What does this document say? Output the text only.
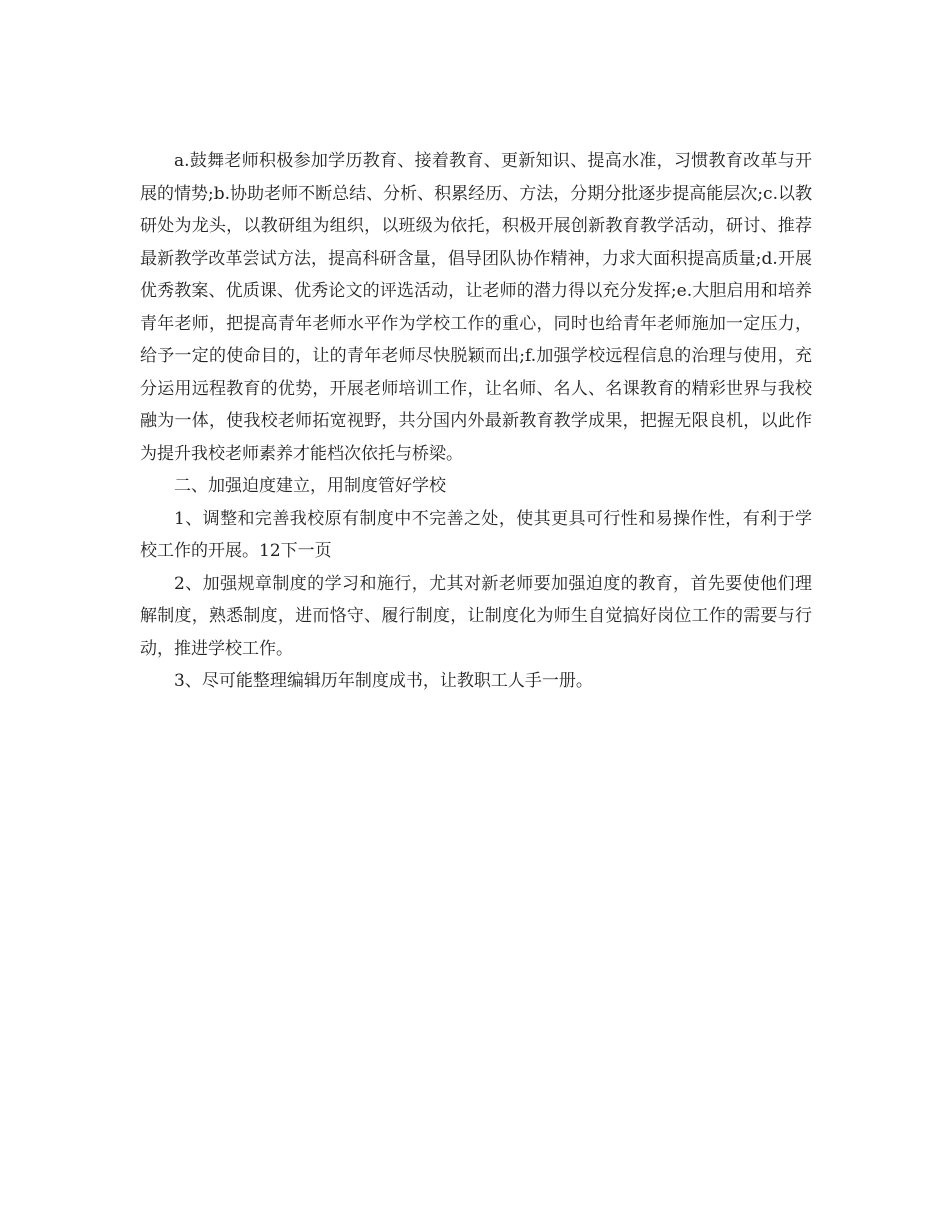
a.鼓舞老师积极参加学历教育、接着教育、更新知识、提高水准，习惯教育改革与开展的情势;b.协助老师不断总结、分析、积累经历、方法，分期分批逐步提高能层次;c.以教研处为龙头，以教研组为组织，以班级为依托，积极开展创新教育教学活动，研讨、推荐最新教学改革尝试方法，提高科研含量，倡导团队协作精神，力求大面积提高质量;d.开展优秀教案、优质课、优秀论文的评选活动，让老师的潜力得以充分发挥;e.大胆启用和培养青年老师，把提高青年老师水平作为学校工作的重心，同时也给青年老师施加一定压力，给予一定的使命目的，让的青年老师尽快脱颖而出;f.加强学校远程信息的治理与使用，充分运用远程教育的优势，开展老师培训工作，让名师、名人、名课教育的精彩世界与我校融为一体，使我校老师拓宽视野，共分国内外最新教育教学成果，把握无限良机，以此作为提升我校老师素养才能档次依托与桥梁。

二、加强迫度建立，用制度管好学校

1、调整和完善我校原有制度中不完善之处，使其更具可行性和易操作性，有利于学校工作的开展。12下一页

2、加强规章制度的学习和施行，尤其对新老师要加强迫度的教育，首先要使他们理解制度，熟悉制度，进而恪守、履行制度，让制度化为师生自觉搞好岗位工作的需要与行动，推进学校工作。

3、尽可能整理编辑历年制度成书，让教职工人手一册。
